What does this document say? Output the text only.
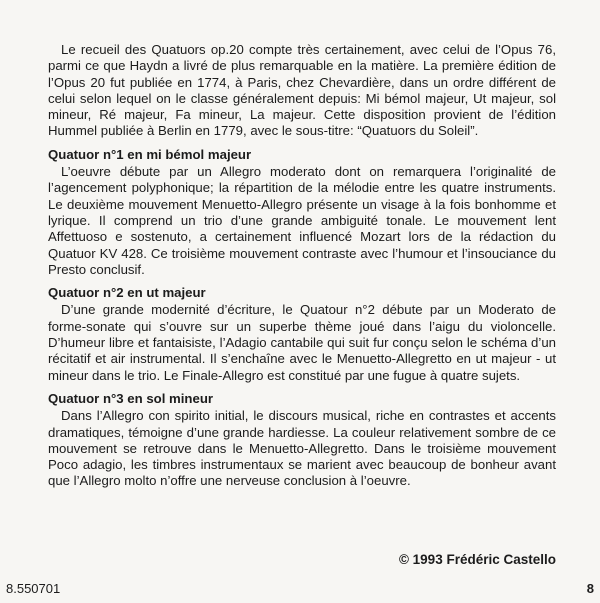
Le recueil des Quatuors op.20 compte très certainement, avec celui de l’Opus 76, parmi ce que Haydn a livré de plus remarquable en la matière. La première édition de l’Opus 20 fut publiée en 1774, à Paris, chez Chevardière, dans un ordre différent de celui selon lequel on le classe généralement depuis: Mi bémol majeur, Ut majeur, sol mineur, Ré majeur, Fa mineur, La majeur. Cette disposition provient de l’édition Hummel publiée à Berlin en 1779, avec le sous-titre: “Quatuors du Soleil”.

Quatuor n°1 en mi bémol majeur

L’oeuvre débute par un Allegro moderato dont on remarquera l’originalité de l’agencement polyphonique; la répartition de la mélodie entre les quatre instruments. Le deuxième mouvement Menuetto-Allegro présente un visage à la fois bonhomme et lyrique. Il comprend un trio d’une grande ambiguité tonale. Le mouvement lent Affettuoso e sostenuto, a certainement influencé Mozart lors de la rédaction du Quatuor KV 428. Ce troisième mouvement contraste avec l’humour et l’insouciance du Presto conclusif.

Quatuor n°2 en ut majeur

D’une grande modernité d’écriture, le Quatour n°2 débute par un Moderato de forme-sonate qui s’ouvre sur un superbe thème joué dans l’aigu du violoncelle. D’humeur libre et fantaisiste, l’Adagio cantabile qui suit fur conçu selon le schéma d’un récitatif et air instrumental. Il s’enchaîne avec le Menuetto-Allegretto en ut majeur - ut mineur dans le trio. Le Finale-Allegro est constitué par une fugue à quatre sujets.

Quatuor n°3 en sol mineur

Dans l’Allegro con spirito initial, le discours musical, riche en contrastes et accents dramatiques, témoigne d’une grande hardiesse. La couleur relativement sombre de ce mouvement se retrouve dans le Menuetto-Allegretto. Dans le troisième mouvement Poco adagio, les timbres instrumentaux se marient avec beaucoup de bonheur avant que l’Allegro molto n’offre une nerveuse conclusion à l’oeuvre.

© 1993 Frédéric Castello
8.550701	8
